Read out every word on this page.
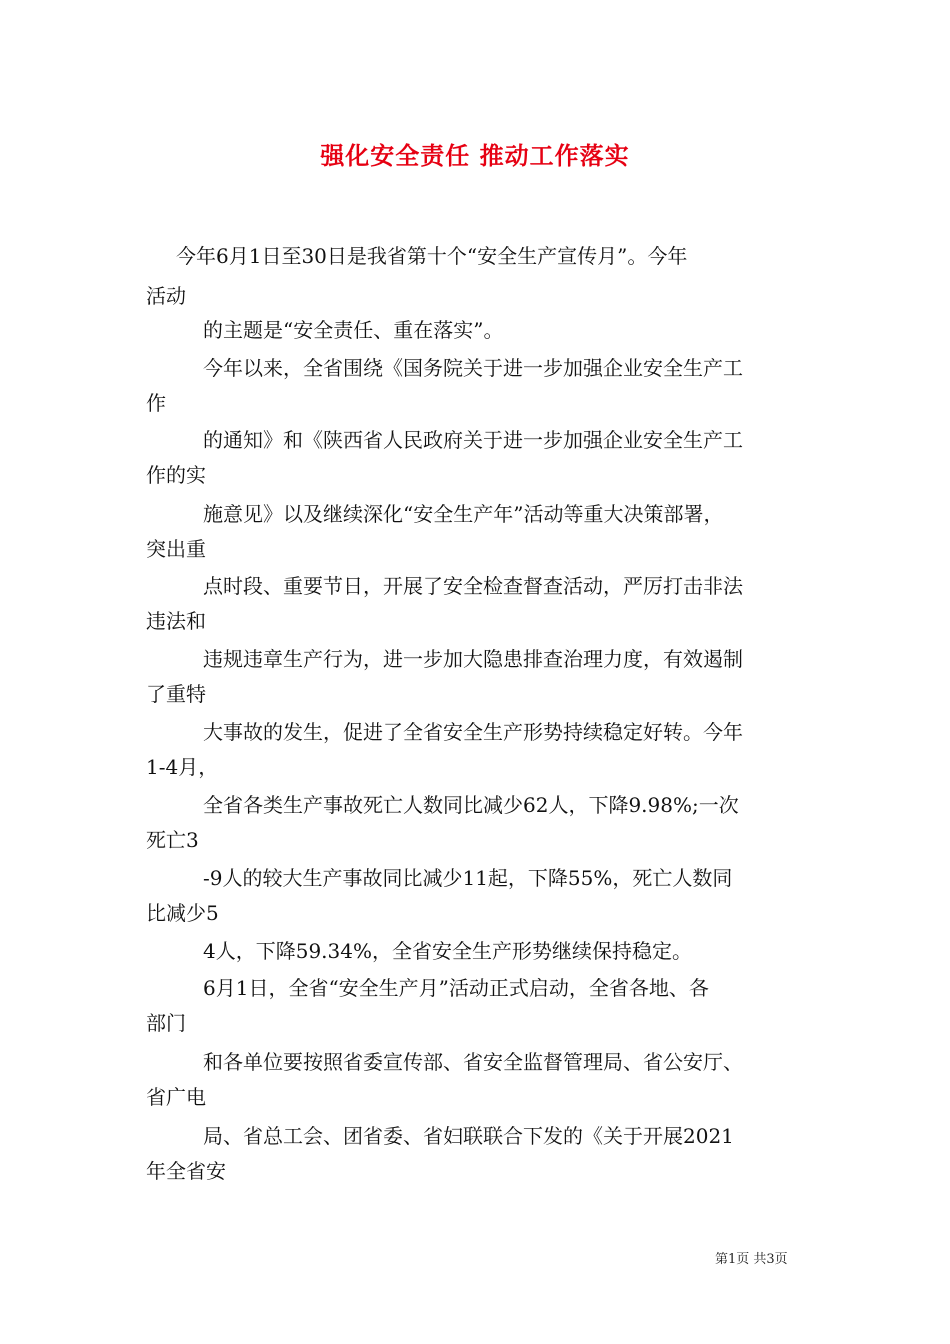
强化安全责任 推动工作落实
今年6月1日至30日是我省第十个“安全生产宣传月”。今年
活动
的主题是“安全责任、重在落实”。
今年以来，全省围绕《国务院关于进一步加强企业安全生产工
作
的通知》和《陕西省人民政府关于进一步加强企业安全生产工
作的实
施意见》以及继续深化“安全生产年”活动等重大决策部署，
突出重
点时段、重要节日，开展了安全检查督查活动，严厉打击非法
违法和
违规违章生产行为，进一步加大隐患排查治理力度，有效遏制
了重特
大事故的发生，促进了全省安全生产形势持续稳定好转。今年
1-4月，
全省各类生产事故死亡人数同比减少62人，下降9.98%;一次
死亡3
-9人的较大生产事故同比减少11起，下降55%，死亡人数同
比减少5
4人，下降59.34%，全省安全生产形势继续保持稳定。
6月1日，全省“安全生产月”活动正式启动，全省各地、各
部门
和各单位要按照省委宣传部、省安全监督管理局、省公安厅、
省广电
局、省总工会、团省委、省妇联联合下发的《关于开展2021
年全省安
第1页 共3页
